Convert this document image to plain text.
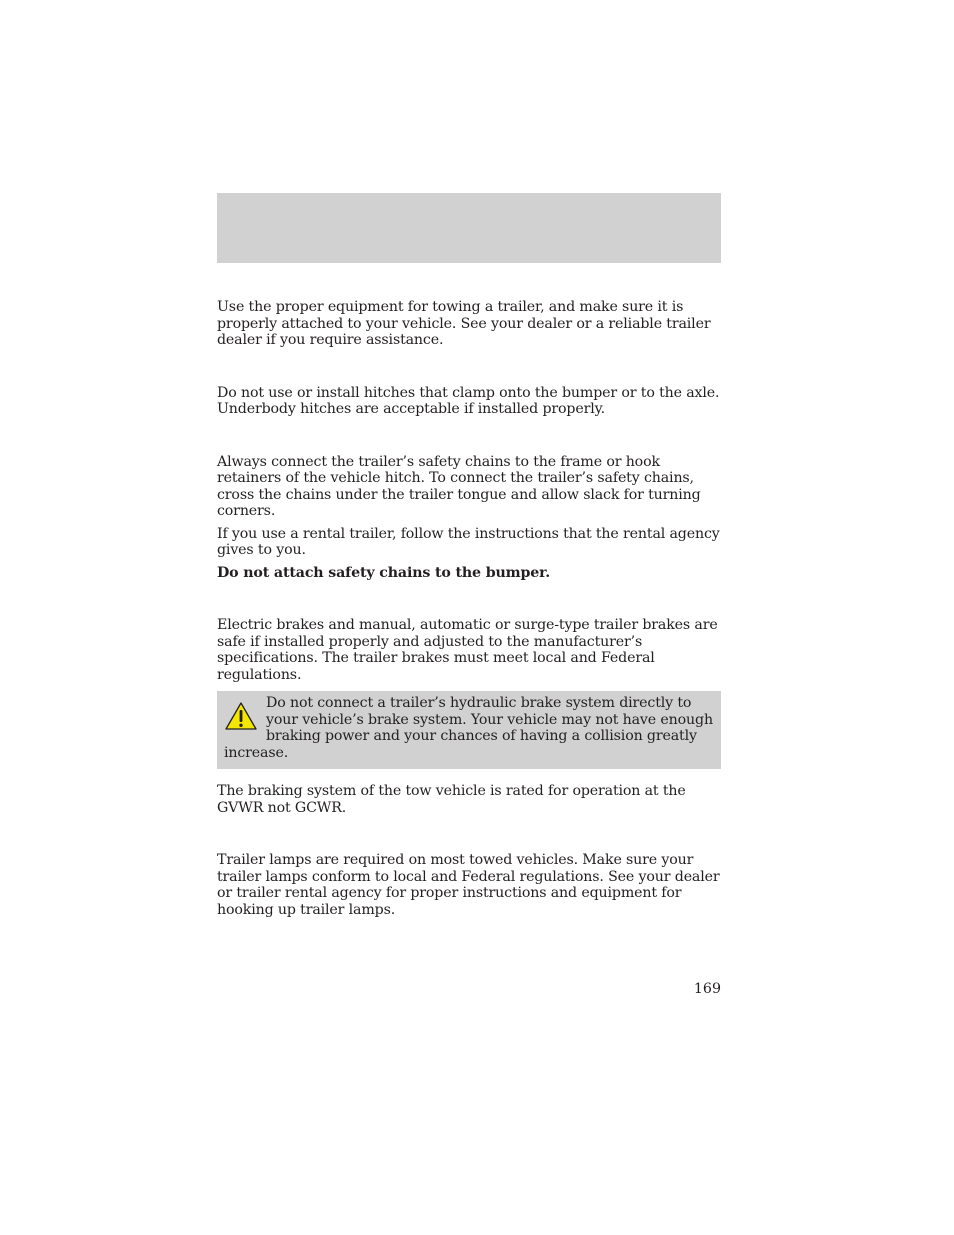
Use the proper equipment for towing a trailer, and make sure it is properly attached to your vehicle. See your dealer or a reliable trailer dealer if you require assistance.

Do not use or install hitches that clamp onto the bumper or to the axle. Underbody hitches are acceptable if installed properly.

Always connect the trailer’s safety chains to the frame or hook retainers of the vehicle hitch. To connect the trailer’s safety chains, cross the chains under the trailer tongue and allow slack for turning corners.

If you use a rental trailer, follow the instructions that the rental agency gives to you.

Do not attach safety chains to the bumper.

Electric brakes and manual, automatic or surge-type trailer brakes are safe if installed properly and adjusted to the manufacturer’s specifications. The trailer brakes must meet local and Federal regulations.

Do not connect a trailer’s hydraulic brake system directly to your vehicle’s brake system. Your vehicle may not have enough braking power and your chances of having a collision greatly increase.

The braking system of the tow vehicle is rated for operation at the GVWR not GCWR.

Trailer lamps are required on most towed vehicles. Make sure your trailer lamps conform to local and Federal regulations. See your dealer or trailer rental agency for proper instructions and equipment for hooking up trailer lamps.

169
